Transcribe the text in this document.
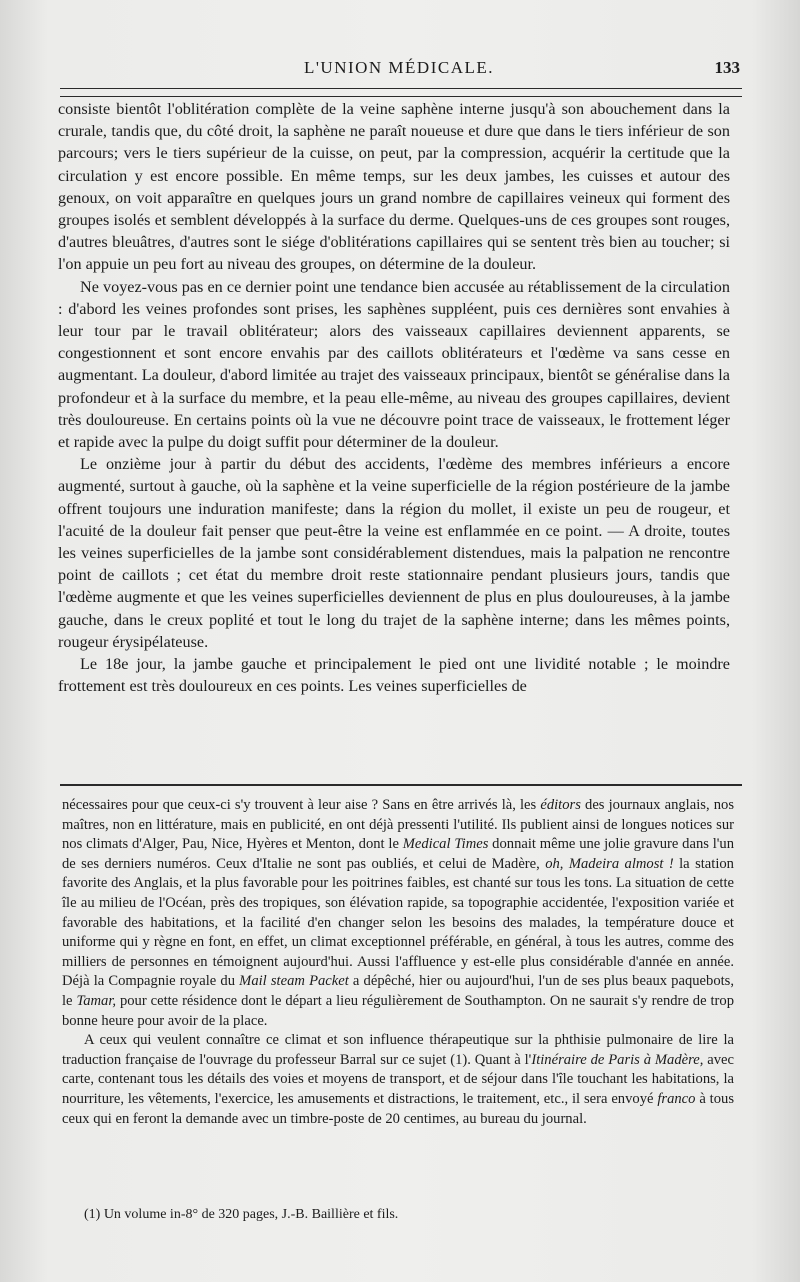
L'UNION MÉDICALE.	133

consiste bientôt l'oblitération complète de la veine saphène interne jusqu'à son abouchement dans la crurale, tandis que, du côté droit, la saphène ne paraît noueuse et dure que dans le tiers inférieur de son parcours; vers le tiers supérieur de la cuisse, on peut, par la compression, acquérir la certitude que la circulation y est encore possible. En même temps, sur les deux jambes, les cuisses et autour des genoux, on voit apparaître en quelques jours un grand nombre de capillaires veineux qui forment des groupes isolés et semblent développés à la surface du derme. Quelques-uns de ces groupes sont rouges, d'autres bleuâtres, d'autres sont le siége d'oblitérations capillaires qui se sentent très bien au toucher; si l'on appuie un peu fort au niveau des groupes, on détermine de la douleur.

Ne voyez-vous pas en ce dernier point une tendance bien accusée au rétablissement de la circulation : d'abord les veines profondes sont prises, les saphènes suppléent, puis ces dernières sont envahies à leur tour par le travail oblitérateur; alors des vaisseaux capillaires deviennent apparents, se congestionnent et sont encore envahis par des caillots oblitérateurs et l'œdème va sans cesse en augmentant. La douleur, d'abord limitée au trajet des vaisseaux principaux, bientôt se généralise dans la profondeur et à la surface du membre, et la peau elle-même, au niveau des groupes capillaires, devient très douloureuse. En certains points où la vue ne découvre point trace de vaisseaux, le frottement léger et rapide avec la pulpe du doigt suffit pour déterminer de la douleur.

Le onzième jour à partir du début des accidents, l'œdème des membres inférieurs a encore augmenté, surtout à gauche, où la saphène et la veine superficielle de la région postérieure de la jambe offrent toujours une induration manifeste; dans la région du mollet, il existe un peu de rougeur, et l'acuité de la douleur fait penser que peut-être la veine est enflammée en ce point. — A droite, toutes les veines superficielles de la jambe sont considérablement distendues, mais la palpation ne rencontre point de caillots ; cet état du membre droit reste stationnaire pendant plusieurs jours, tandis que l'œdème augmente et que les veines superficielles deviennent de plus en plus douloureuses, à la jambe gauche, dans le creux poplité et tout le long du trajet de la saphène interne; dans les mêmes points, rougeur érysipélateuse.

Le 18e jour, la jambe gauche et principalement le pied ont une lividité notable ; le moindre frottement est très douloureux en ces points. Les veines superficielles de

nécessaires pour que ceux-ci s'y trouvent à leur aise ? Sans en être arrivés là, les éditors des journaux anglais, nos maîtres, non en littérature, mais en publicité, en ont déjà pressenti l'utilité. Ils publient ainsi de longues notices sur nos climats d'Alger, Pau, Nice, Hyères et Menton, dont le Medical Times donnait même une jolie gravure dans l'un de ses derniers numéros. Ceux d'Italie ne sont pas oubliés, et celui de Madère, oh, Madeira almost ! la station favorite des Anglais, et la plus favorable pour les poitrines faibles, est chanté sur tous les tons. La situation de cette île au milieu de l'Océan, près des tropiques, son élévation rapide, sa topographie accidentée, l'exposition variée et favorable des habitations, et la facilité d'en changer selon les besoins des malades, la température douce et uniforme qui y règne en font, en effet, un climat exceptionnel préférable, en général, à tous les autres, comme des milliers de personnes en témoignent aujourd'hui. Aussi l'affluence y est-elle plus considérable d'année en année. Déjà la Compagnie royale du Mail steam Packet a dépêché, hier ou aujourd'hui, l'un de ses plus beaux paquebots, le Tamar, pour cette résidence dont le départ a lieu régulièrement de Southampton. On ne saurait s'y rendre de trop bonne heure pour avoir de la place.

A ceux qui veulent connaître ce climat et son influence thérapeutique sur la phthisie pulmonaire de lire la traduction française de l'ouvrage du professeur Barral sur ce sujet (1). Quant à l'Itinéraire de Paris à Madère, avec carte, contenant tous les détails des voies et moyens de transport, et de séjour dans l'île touchant les habitations, la nourriture, les vêtements, l'exercice, les amusements et distractions, le traitement, etc., il sera envoyé franco à tous ceux qui en feront la demande avec un timbre-poste de 20 centimes, au bureau du journal.

(1) Un volume in-8° de 320 pages, J.-B. Baillière et fils.
